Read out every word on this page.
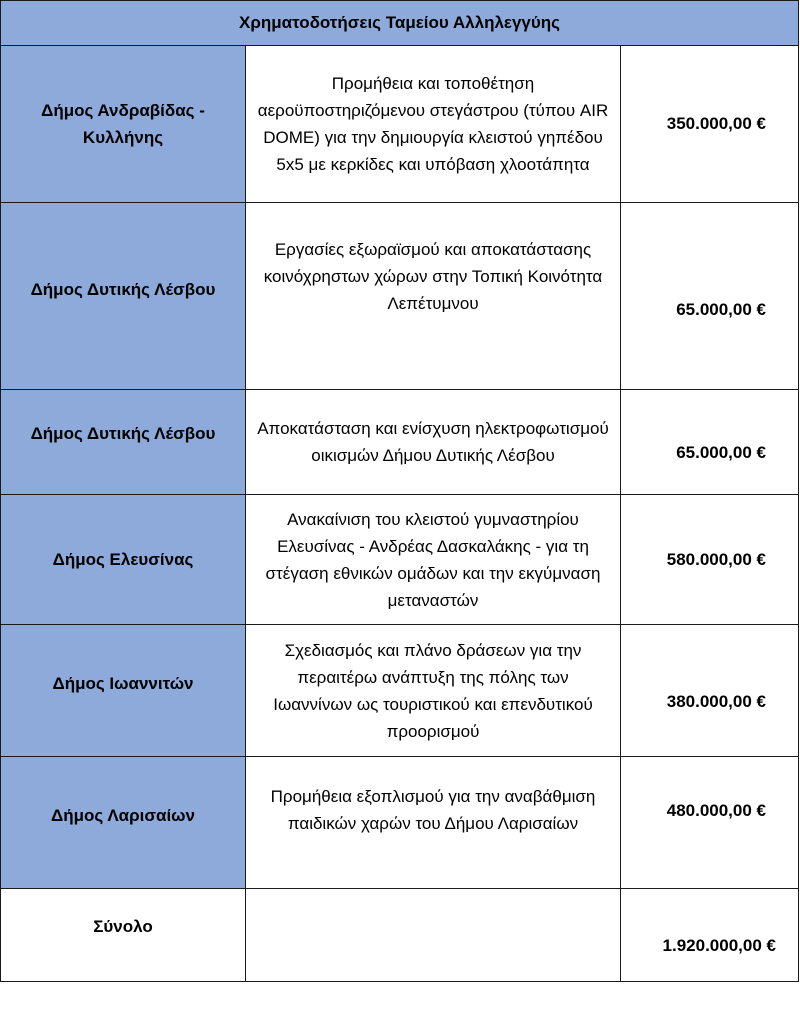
Χρηματοδοτήσεις Ταμείου Αλληλεγγύης		
Δήμος Ανδραβίδας - Κυλλήνης	Προμήθεια και τοποθέτηση αεροϋποστηριζόμενου στεγάστρου (τύπου AIR DOME) για την δημιουργία κλειστού γηπέδου 5x5 με κερκίδες και υπόβαση χλοοτάπητα	350.000,00 €
Δήμος Δυτικής Λέσβου	Εργασίες εξωραϊσμού και αποκατάστασης κοινόχρηστων χώρων στην Τοπική Κοινότητα Λεπέτυμνου	65.000,00 €
Δήμος Δυτικής Λέσβου	Αποκατάσταση και ενίσχυση ηλεκτροφωτισμού οικισμών Δήμου Δυτικής Λέσβου	65.000,00 €
Δήμος Ελευσίνας	Ανακαίνιση του κλειστού γυμναστηρίου Ελευσίνας - Ανδρέας Δασκαλάκης - για τη στέγαση εθνικών ομάδων και την εκγύμναση μεταναστών	580.000,00 €
Δήμος Ιωαννιτών	Σχεδιασμός και πλάνο δράσεων για την περαιτέρω ανάπτυξη της πόλης των Ιωαννίνων ως τουριστικού και επενδυτικού προορισμού	380.000,00 €
Δήμος Λαρισαίων	Προμήθεια εξοπλισμού για την αναβάθμιση παιδικών χαρών του Δήμου Λαρισαίων	480.000,00 €
Σύνολο		1.920.000,00 €
